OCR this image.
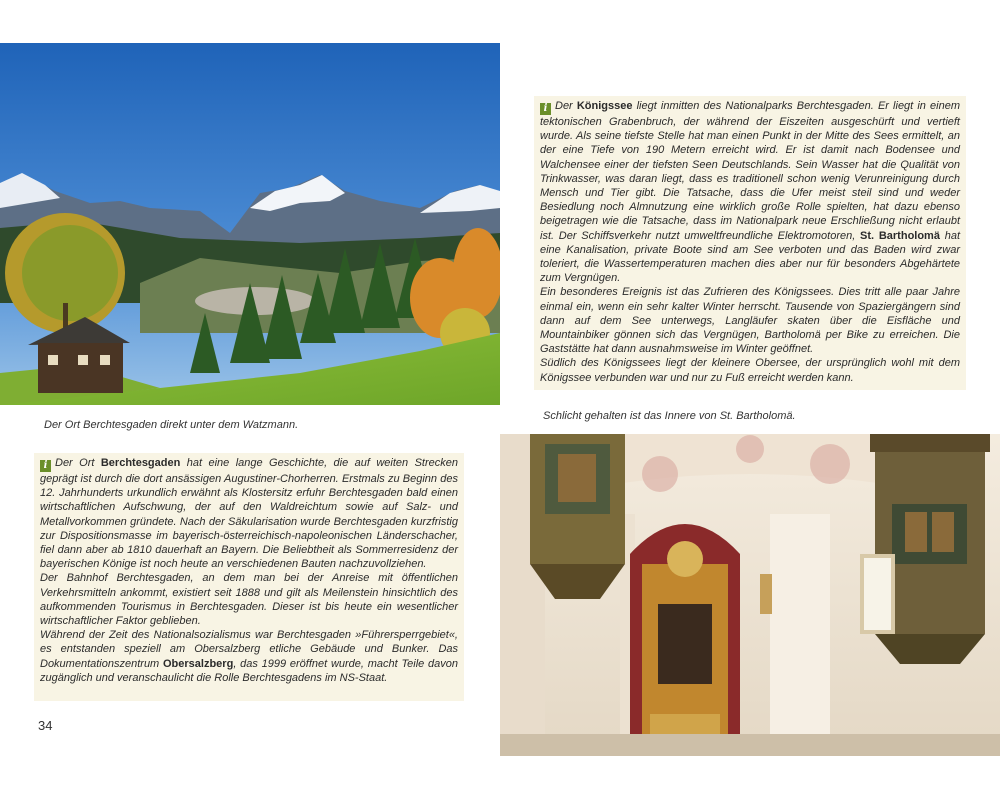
Der Ort Berchtesgaden direkt unter dem Watzmann.

i Der Königssee liegt inmitten des Nationalparks Berchtesgaden. Er liegt in einem tektonischen Grabenbruch, der während der Eiszeiten ausgeschürft und vertieft wurde. Als seine tiefste Stelle hat man einen Punkt in der Mitte des Sees ermittelt, an der eine Tiefe von 190 Metern erreicht wird. Er ist damit nach Bodensee und Walchensee einer der tiefsten Seen Deutschlands. Sein Wasser hat die Qualität von Trinkwasser, was daran liegt, dass es traditionell schon wenig Verunreinigung durch Mensch und Tier gibt. Die Tatsache, dass die Ufer meist steil sind und weder Besiedlung noch Almnutzung eine wirklich große Rolle spielten, hat dazu ebenso beigetragen wie die Tatsache, dass im Nationalpark neue Erschließung nicht erlaubt ist. Der Schiffsverkehr nutzt umweltfreundliche Elektromotoren, St. Bartholomä hat eine Kanalisation, private Boote sind am See verboten und das Baden wird zwar toleriert, die Wassertemperaturen machen dies aber nur für besonders Abgehärtete zum Vergnügen.

Ein besonderes Ereignis ist das Zufrieren des Königssees. Dies tritt alle paar Jahre einmal ein, wenn ein sehr kalter Winter herrscht. Tausende von Spaziergängern sind dann auf dem See unterwegs, Langläufer skaten über die Eisfläche und Mountainbiker gönnen sich das Vergnügen, Bartholomä per Bike zu erreichen. Die Gaststätte hat dann ausnahmsweise im Winter geöffnet.

Südlich des Königssees liegt der kleinere Obersee, der ursprünglich wohl mit dem Königssee verbunden war und nur zu Fuß erreicht werden kann.

Schlicht gehalten ist das Innere von St. Bartholomä.

i Der Ort Berchtesgaden hat eine lange Geschichte, die auf weiten Strecken geprägt ist durch die dort ansässigen Augustiner-Chorherren. Erstmals zu Beginn des 12. Jahrhunderts urkundlich erwähnt als Klostersitz erfuhr Berchtesgaden bald einen wirtschaftlichen Aufschwung, der auf den Waldreichtum sowie auf Salz- und Metallvorkommen gründete. Nach der Säkularisation wurde Berchtesgaden kurzfristig zur Dispositionsmasse im bayerisch-österreichisch-napoleonischen Länderschacher, fiel dann aber ab 1810 dauerhaft an Bayern. Die Beliebtheit als Sommerresidenz der bayerischen Könige ist noch heute an verschiedenen Bauten nachzuvollziehen.

Der Bahnhof Berchtesgaden, an dem man bei der Anreise mit öffentlichen Verkehrsmitteln ankommt, existiert seit 1888 und gilt als Meilenstein hinsichtlich des aufkommenden Tourismus in Berchtesgaden. Dieser ist bis heute ein wesentlicher wirtschaftlicher Faktor geblieben.

Während der Zeit des Nationalsozialismus war Berchtesgaden »Führersperrgebiet«, es entstanden speziell am Obersalzberg etliche Gebäude und Bunker. Das Dokumentationszentrum Obersalzberg, das 1999 eröffnet wurde, macht Teile davon zugänglich und veranschaulicht die Rolle Berchtesgadens im NS-Staat.

34
